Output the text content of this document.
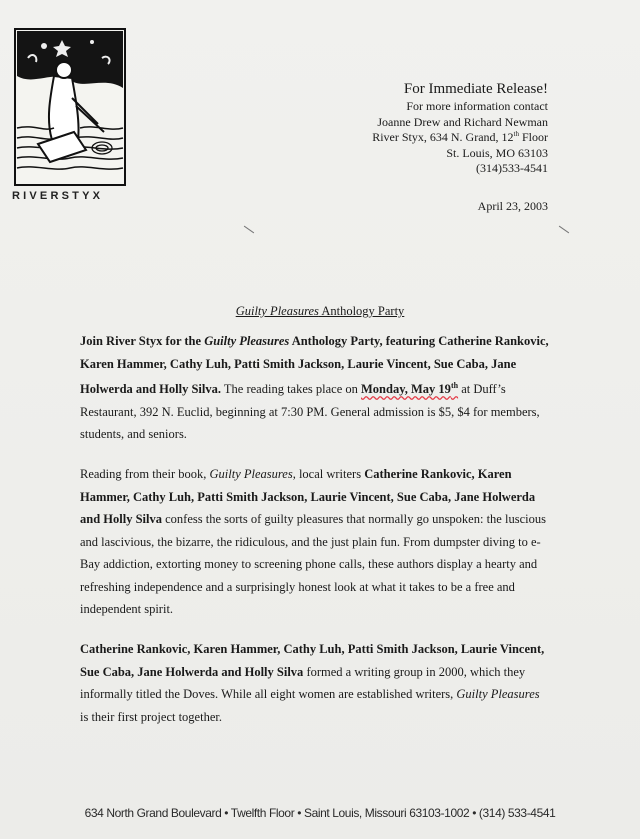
RIVERSTYX
For Immediate Release!
For more information contact
Joanne Drew and Richard Newman
River Styx, 634 N. Grand, 12th Floor
St. Louis, MO 63103
(314)533-4541
April 23, 2003
Guilty Pleasures Anthology Party

Join River Styx for the Guilty Pleasures Anthology Party, featuring Catherine Rankovic, Karen Hammer, Cathy Luh, Patti Smith Jackson, Laurie Vincent, Sue Caba, Jane Holwerda and Holly Silva. The reading takes place on Monday, May 19th at Duff’s Restaurant, 392 N. Euclid, beginning at 7:30 PM. General admission is $5, $4 for members, students, and seniors.

Reading from their book, Guilty Pleasures, local writers Catherine Rankovic, Karen Hammer, Cathy Luh, Patti Smith Jackson, Laurie Vincent, Sue Caba, Jane Holwerda and Holly Silva confess the sorts of guilty pleasures that normally go unspoken: the luscious and lascivious, the bizarre, the ridiculous, and the just plain fun. From dumpster diving to e-Bay addiction, extorting money to screening phone calls, these authors display a hearty and refreshing independence and a surprisingly honest look at what it takes to be a free and independent spirit.

Catherine Rankovic, Karen Hammer, Cathy Luh, Patti Smith Jackson, Laurie Vincent, Sue Caba, Jane Holwerda and Holly Silva formed a writing group in 2000, which they informally titled the Doves. While all eight women are established writers, Guilty Pleasures is their first project together.

634 North Grand Boulevard • Twelfth Floor • Saint Louis, Missouri 63103-1002 • (314) 533-4541
